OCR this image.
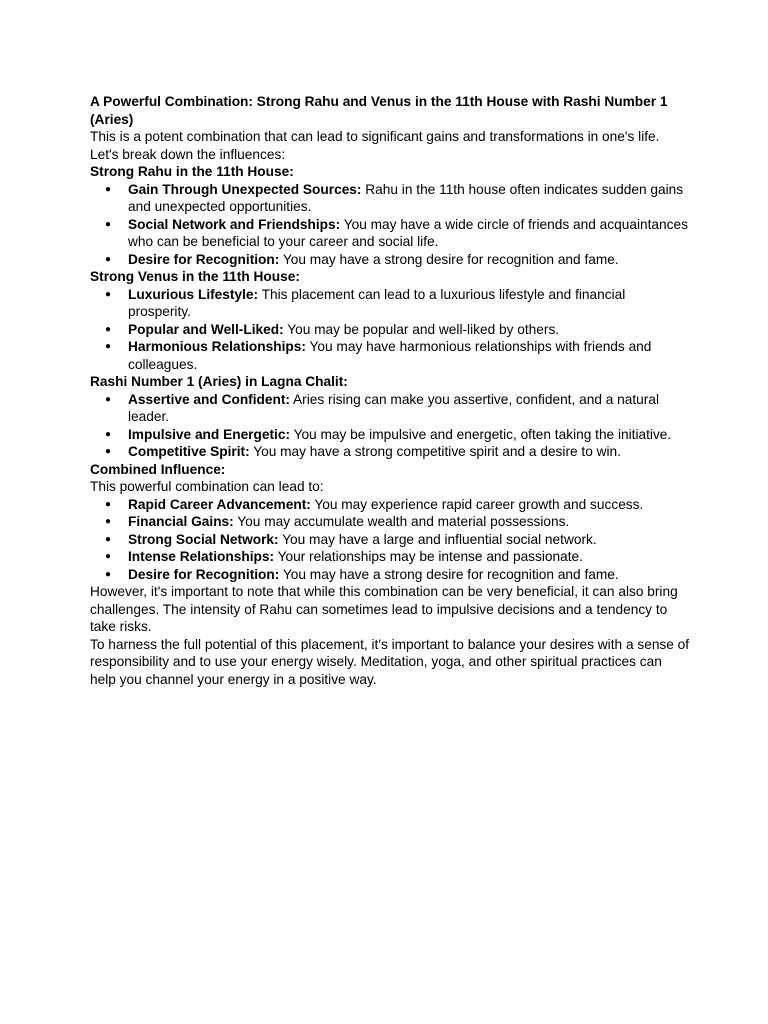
A Powerful Combination: Strong Rahu and Venus in the 11th House with Rashi Number 1 (Aries)

This is a potent combination that can lead to significant gains and transformations in one's life. Let's break down the influences:

Strong Rahu in the 11th House:

● Gain Through Unexpected Sources: Rahu in the 11th house often indicates sudden gains and unexpected opportunities.
● Social Network and Friendships: You may have a wide circle of friends and acquaintances who can be beneficial to your career and social life.
● Desire for Recognition: You may have a strong desire for recognition and fame.

Strong Venus in the 11th House:

● Luxurious Lifestyle: This placement can lead to a luxurious lifestyle and financial prosperity.
● Popular and Well-Liked: You may be popular and well-liked by others.
● Harmonious Relationships: You may have harmonious relationships with friends and colleagues.

Rashi Number 1 (Aries) in Lagna Chalit:

● Assertive and Confident: Aries rising can make you assertive, confident, and a natural leader.
● Impulsive and Energetic: You may be impulsive and energetic, often taking the initiative.
● Competitive Spirit: You may have a strong competitive spirit and a desire to win.

Combined Influence:

This powerful combination can lead to:

● Rapid Career Advancement: You may experience rapid career growth and success.
● Financial Gains: You may accumulate wealth and material possessions.
● Strong Social Network: You may have a large and influential social network.
● Intense Relationships: Your relationships may be intense and passionate.
● Desire for Recognition: You may have a strong desire for recognition and fame.

However, it's important to note that while this combination can be very beneficial, it can also bring challenges. The intensity of Rahu can sometimes lead to impulsive decisions and a tendency to take risks.

To harness the full potential of this placement, it's important to balance your desires with a sense of responsibility and to use your energy wisely. Meditation, yoga, and other spiritual practices can help you channel your energy in a positive way.
